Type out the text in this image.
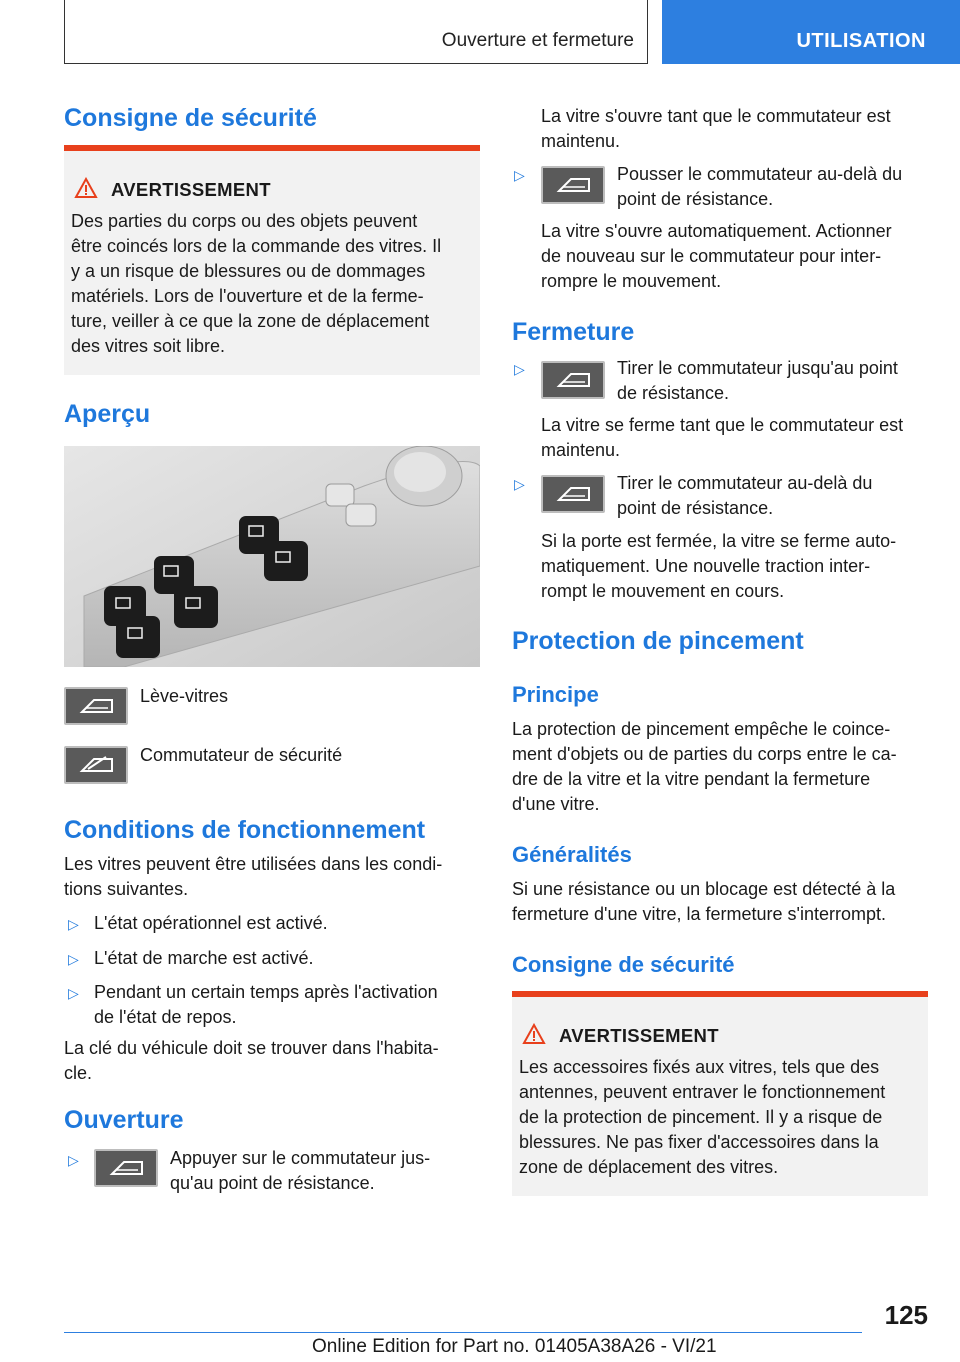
Ouverture et fermeture	UTILISATION
Consigne de sécurité
AVERTISSEMENT
Des parties du corps ou des objets peuvent
être coincés lors de la commande des vitres. Il
y a un risque de blessures ou de dommages
matériels. Lors de l'ouverture et de la ferme-
ture, veiller à ce que la zone de déplacement
des vitres soit libre.
Aperçu
Lève-vitres
Commutateur de sécurité
Conditions de fonctionnement
Les vitres peuvent être utilisées dans les condi-
tions suivantes.
▷ L'état opérationnel est activé.
▷ L'état de marche est activé.
▷ Pendant un certain temps après l'activation
de l'état de repos.
La clé du véhicule doit se trouver dans l'habita-
cle.
Ouverture
▷	Appuyer sur le commutateur jus-
qu'au point de résistance.
La vitre s'ouvre tant que le commutateur est
maintenu.
▷	Pousser le commutateur au-delà du
point de résistance.
La vitre s'ouvre automatiquement. Actionner
de nouveau sur le commutateur pour inter-
rompre le mouvement.
Fermeture
▷	Tirer le commutateur jusqu'au point
de résistance.
La vitre se ferme tant que le commutateur est
maintenu.
▷	Tirer le commutateur au-delà du
point de résistance.
Si la porte est fermée, la vitre se ferme auto-
matiquement. Une nouvelle traction inter-
rompt le mouvement en cours.
Protection de pincement
Principe
La protection de pincement empêche le coince-
ment d'objets ou de parties du corps entre le ca-
dre de la vitre et la vitre pendant la fermeture
d'une vitre.
Généralités
Si une résistance ou un blocage est détecté à la
fermeture d'une vitre, la fermeture s'interrompt.
Consigne de sécurité
AVERTISSEMENT
Les accessoires fixés aux vitres, tels que des
antennes, peuvent entraver le fonctionnement
de la protection de pincement. Il y a risque de
blessures. Ne pas fixer d'accessoires dans la
zone de déplacement des vitres.
125
Online Edition for Part no. 01405A38A26 - VI/21
